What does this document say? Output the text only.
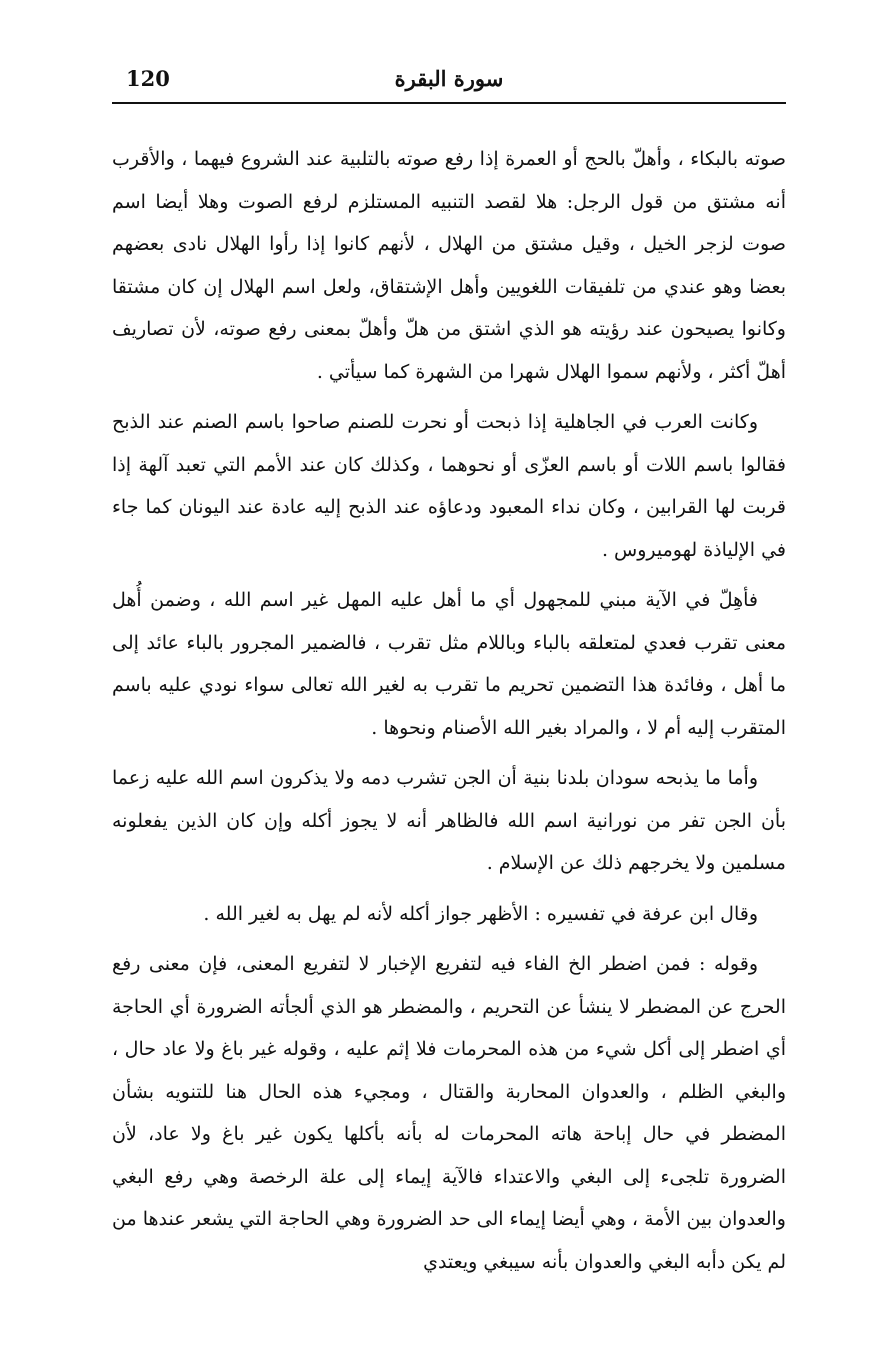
سورة البقرة
120

صوته بالبكاء ، وأهلّ بالحج أو العمرة إذا رفع صوته بالتلبية عند الشروع فيهما ، والأقرب أنه مشتق من قول الرجل: هلا لقصد التنبيه المستلزم لرفع الصوت وهلا أيضا اسم صوت لزجر الخيل ، وقيل مشتق من الهلال ، لأنهم كانوا إذا رأوا الهلال نادى بعضهم بعضا وهو عندي من تلفيقات اللغويين وأهل الإشتقاق، ولعل اسم الهلال إن كان مشتقا وكانوا يصيحون عند رؤيته هو الذي اشتق من هلّ وأهلّ بمعنى رفع صوته، لأن تصاريف أهلّ أكثر ، ولأنهم سموا الهلال شهرا من الشهرة كما سيأتي .

وكانت العرب في الجاهلية إذا ذبحت أو نحرت للصنم صاحوا باسم الصنم عند الذبح فقالوا باسم اللات أو باسم العزّى أو نحوهما ، وكذلك كان عند الأمم التي تعبد آلهة إذا قربت لها القرابين ، وكان نداء المعبود ودعاؤه عند الذبح إليه عادة عند اليونان كما جاء في الإلياذة لهوميروس .

فأهِلّ في الآية مبني للمجهول أي ما أهل عليه المهل غير اسم الله ، وضمن أُهل معنى تقرب فعدي لمتعلقه بالباء وباللام مثل تقرب ، فالضمير المجرور بالباء عائد إلى ما أهل ، وفائدة هذا التضمين تحريم ما تقرب به لغير الله تعالى سواء نودي عليه باسم المتقرب إليه أم لا ، والمراد بغير الله الأصنام ونحوها .

وأما ما يذبحه سودان بلدنا بنية أن الجن تشرب دمه ولا يذكرون اسم الله عليه زعما بأن الجن تفر من نورانية اسم الله فالظاهر أنه لا يجوز أكله وإن كان الذين يفعلونه مسلمين ولا يخرجهم ذلك عن الإسلام .

وقال ابن عرفة في تفسيره : الأظهر جواز أكله لأنه لم يهل به لغير الله .

وقوله : فمن اضطر الخ الفاء فيه لتفريع الإخبار لا لتفريع المعنى، فإن معنى رفع الحرج عن المضطر لا ينشأ عن التحريم ، والمضطر هو الذي ألجأته الضرورة أي الحاجة أي اضطر إلى أكل شيء من هذه المحرمات فلا إثم عليه ، وقوله غير باغ ولا عاد حال ، والبغي الظلم ، والعدوان المحاربة والقتال ، ومجيء هذه الحال هنا للتنويه بشأن المضطر في حال إباحة هاته المحرمات له بأنه بأكلها يكون غير باغ ولا عاد، لأن الضرورة تلجىء إلى البغي والاعتداء فالآية إيماء إلى علة الرخصة وهي رفع البغي والعدوان بين الأمة ، وهي أيضا إيماء الى حد الضرورة وهي الحاجة التي يشعر عندها من لم يكن دأبه البغي والعدوان بأنه سيبغي ويعتدي
